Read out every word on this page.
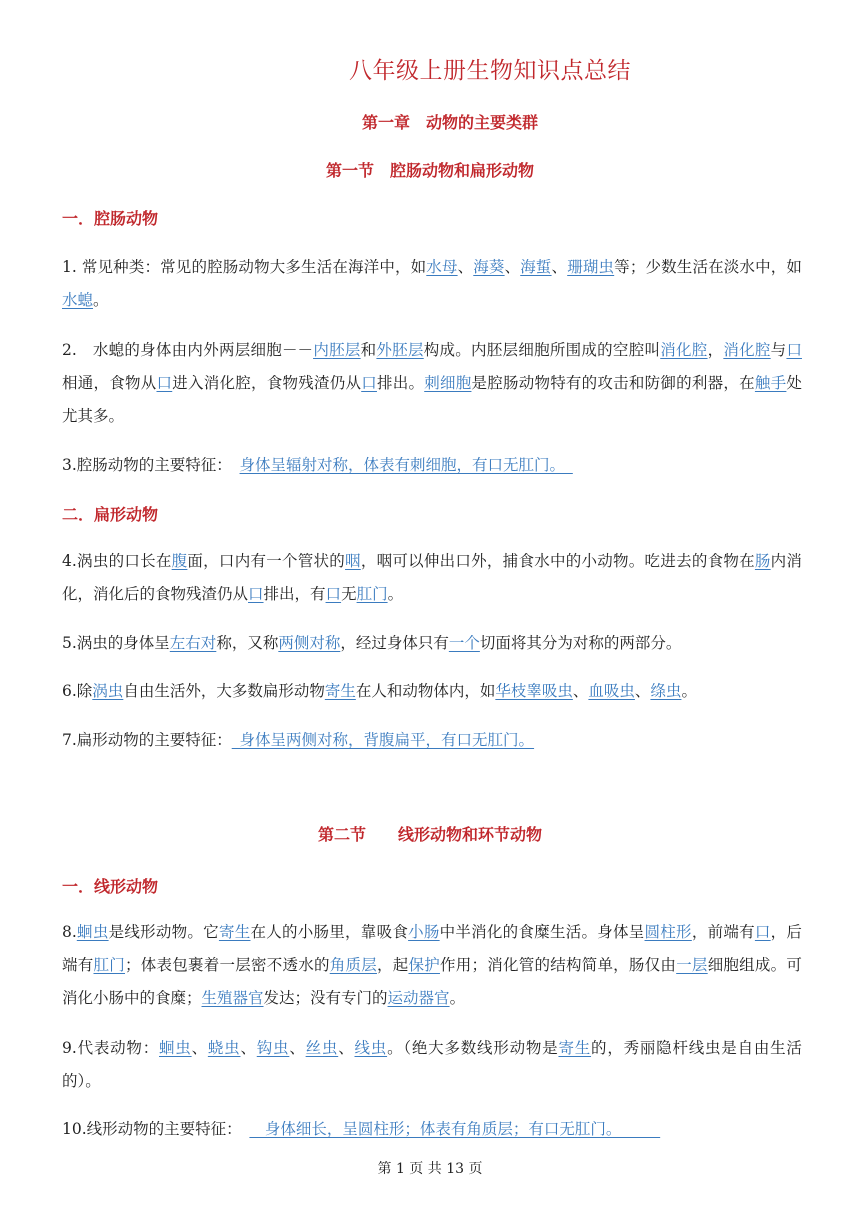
八年级上册生物知识点总结
第一章　动物的主要类群
第一节　腔肠动物和扁形动物
一．腔肠动物
1. 常见种类：常见的腔肠动物大多生活在海洋中，如水母、海葵、海蜇、珊瑚虫等；少数生活在淡水中，如水螅。
2.　水螅的身体由内外两层细胞－－内胚层和外胚层构成。内胚层细胞所围成的空腔叫消化腔，消化腔与口相通，食物从口进入消化腔，食物残渣仍从口排出。刺细胞是腔肠动物特有的攻击和防御的利器，在触手处尤其多。
3.腔肠动物的主要特征：　身体呈辐射对称，体表有刺细胞，有口无肛门。　
二．扁形动物
4.涡虫的口长在腹面，口内有一个管状的咽，咽可以伸出口外，捕食水中的小动物。吃进去的食物在肠内消化，消化后的食物残渣仍从口排出，有口无肛门。
5.涡虫的身体呈左右对称，又称两侧对称，经过身体只有一个切面将其分为对称的两部分。
6.除涡虫自由生活外，大多数扁形动物寄生在人和动物体内，如华枝睾吸虫、血吸虫、绦虫。
7.扁形动物的主要特征：_身体呈两侧对称，背腹扁平，有口无肛门。
第二节　　线形动物和环节动物
一．线形动物
8.蛔虫是线形动物。它寄生在人的小肠里，靠吸食小肠中半消化的食糜生活。身体呈圆柱形，前端有口，后端有肛门；体表包裹着一层密不透水的角质层，起保护作用；消化管的结构简单，肠仅由一层细胞组成。可消化小肠中的食糜；生殖器官发达；没有专门的运动器官。
9.代表动物：蛔虫、蛲虫、钩虫、丝虫、线虫。（绝大多数线形动物是寄生的，秀丽隐杆线虫是自由生活的）。
10.线形动物的主要特征：　　身体细长，呈圆柱形；体表有角质层；有口无肛门。　　　
第 1 页 共 13 页
